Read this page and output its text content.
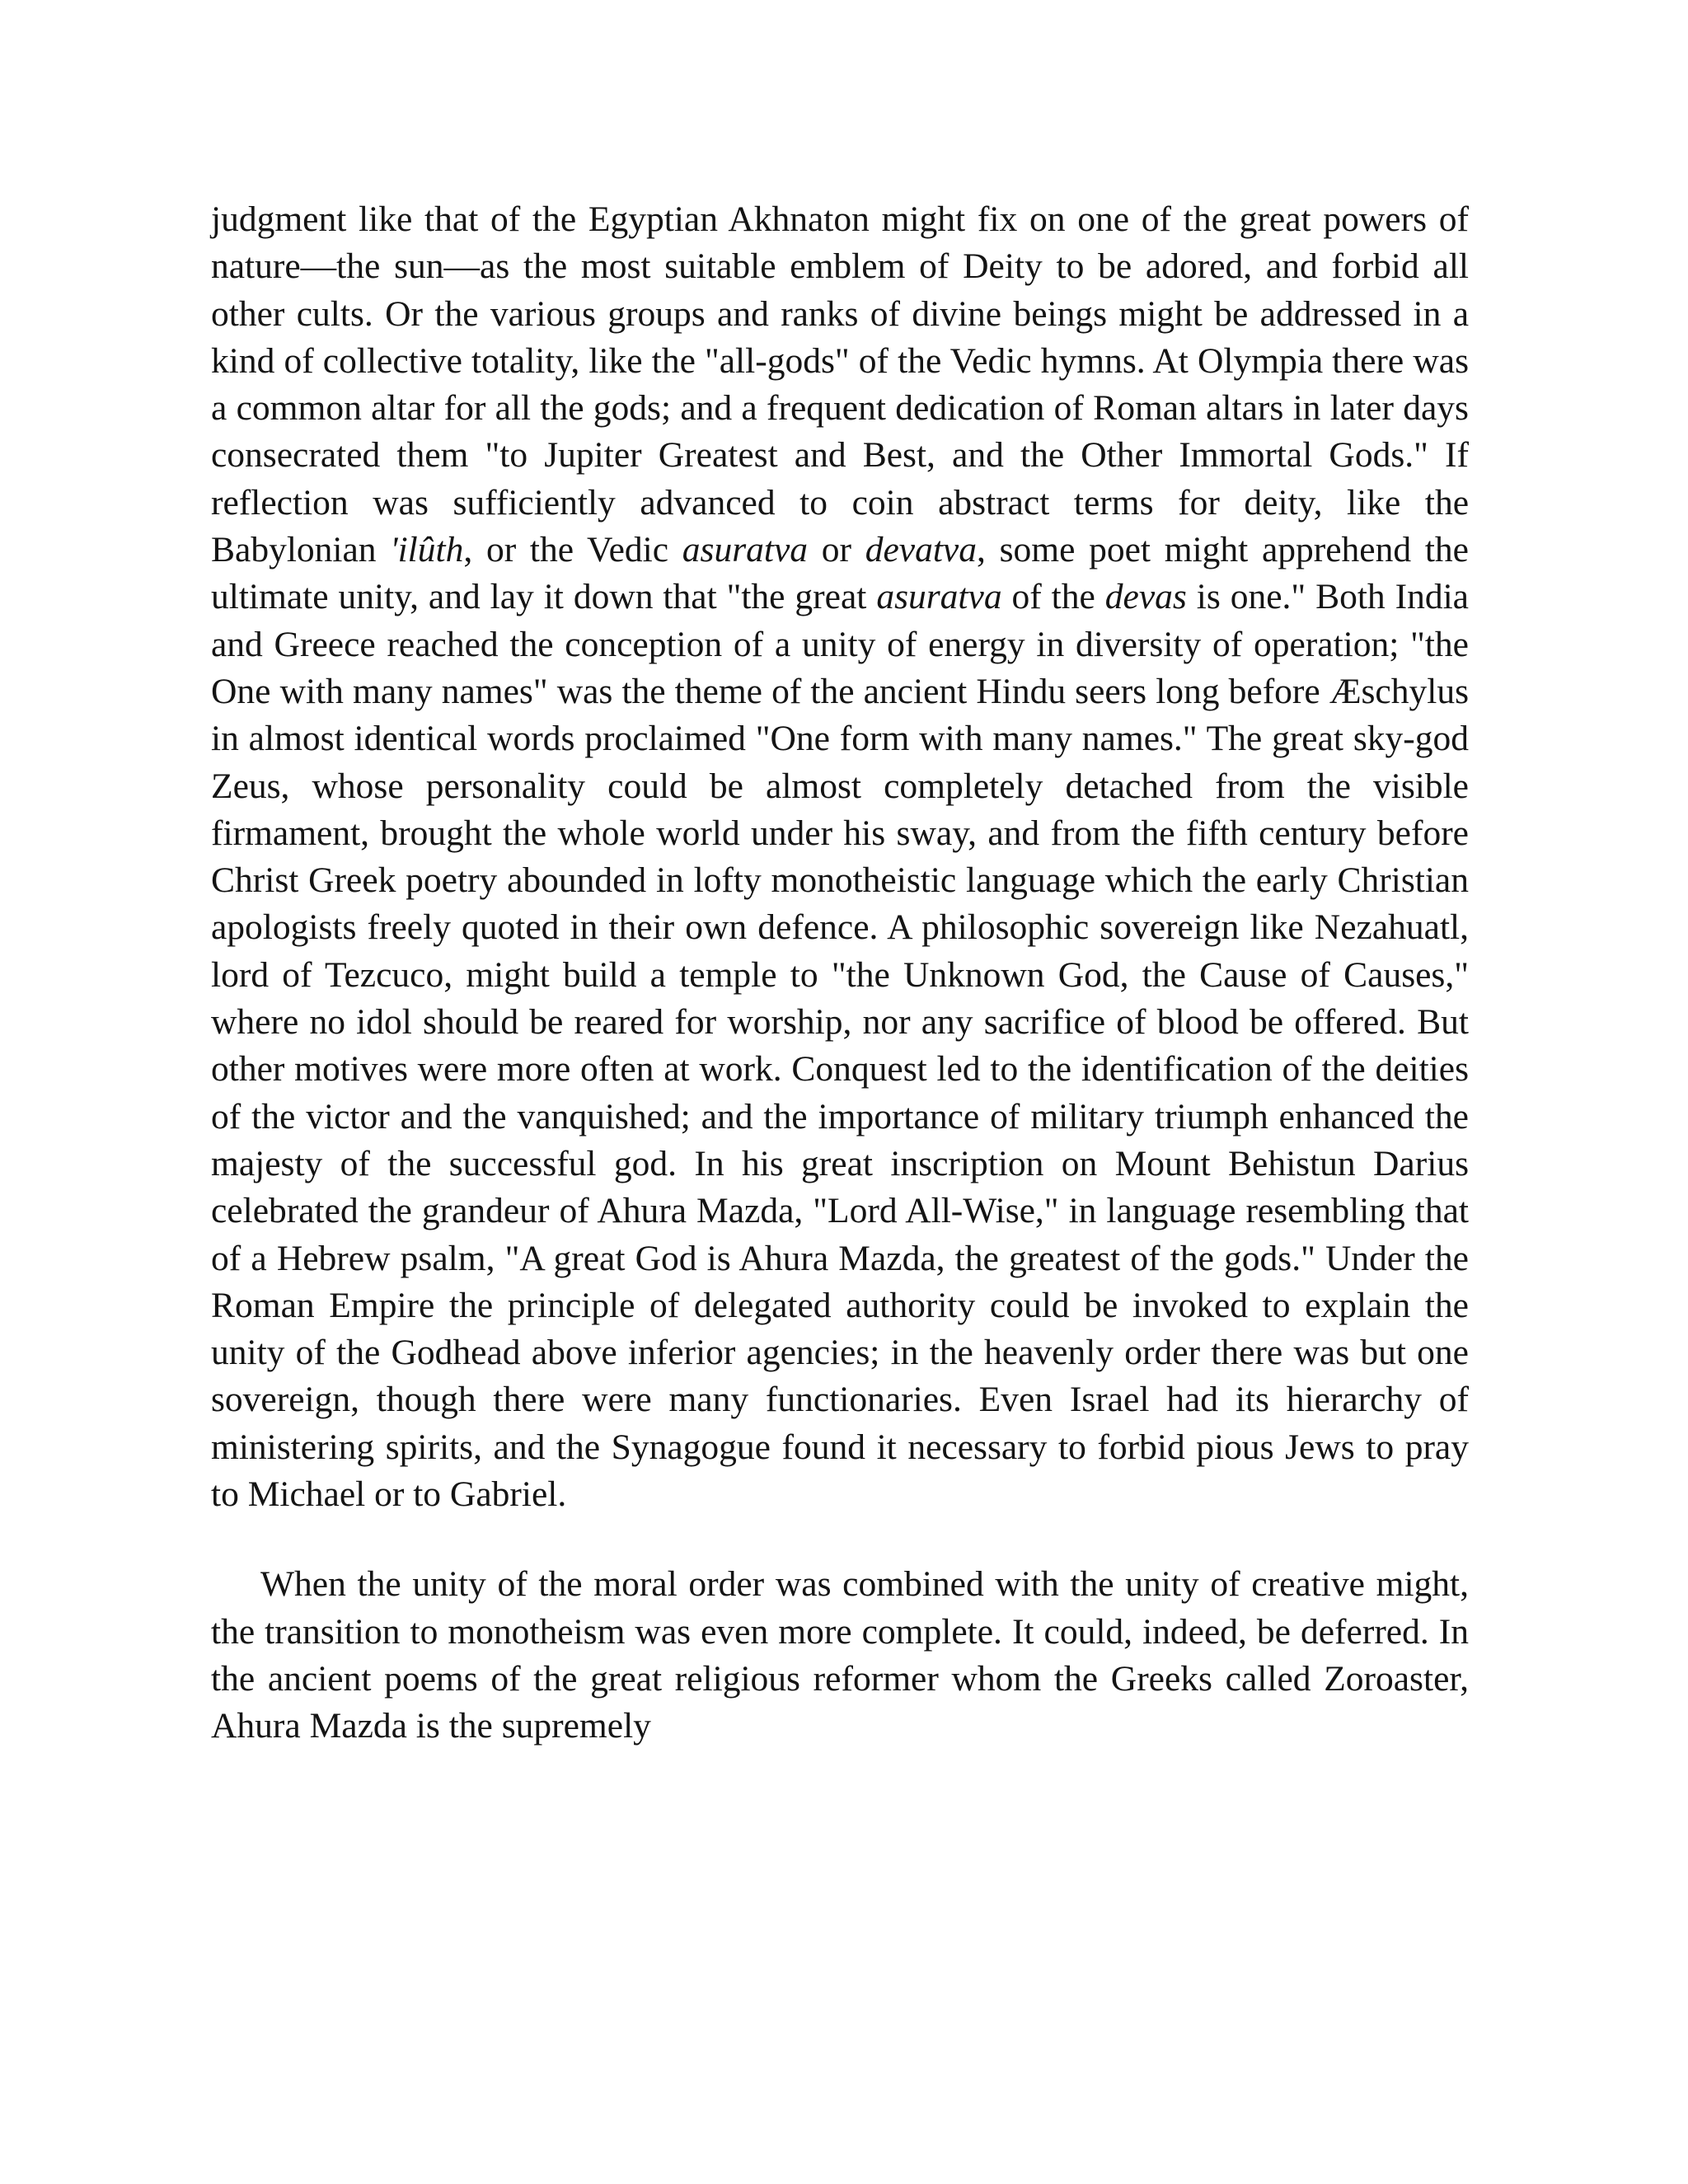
judgment like that of the Egyptian Akhnaton might fix on one of the great powers of nature—the sun—as the most suitable emblem of Deity to be adored, and forbid all other cults. Or the various groups and ranks of divine beings might be addressed in a kind of collective totality, like the "all-gods" of the Vedic hymns. At Olympia there was a common altar for all the gods; and a frequent dedication of Roman altars in later days consecrated them "to Jupiter Greatest and Best, and the Other Immortal Gods." If reflection was sufficiently advanced to coin abstract terms for deity, like the Babylonian 'ilûth, or the Vedic asuratva or devatva, some poet might apprehend the ultimate unity, and lay it down that "the great asuratva of the devas is one." Both India and Greece reached the conception of a unity of energy in diversity of operation; "the One with many names" was the theme of the ancient Hindu seers long before Æschylus in almost identical words proclaimed "One form with many names." The great sky-god Zeus, whose personality could be almost completely detached from the visible firmament, brought the whole world under his sway, and from the fifth century before Christ Greek poetry abounded in lofty monotheistic language which the early Christian apologists freely quoted in their own defence. A philosophic sovereign like Nezahuatl, lord of Tezcuco, might build a temple to "the Unknown God, the Cause of Causes," where no idol should be reared for worship, nor any sacrifice of blood be offered. But other motives were more often at work. Conquest led to the identification of the deities of the victor and the vanquished; and the importance of military triumph enhanced the majesty of the successful god. In his great inscription on Mount Behistun Darius celebrated the grandeur of Ahura Mazda, "Lord All-Wise," in language resembling that of a Hebrew psalm, "A great God is Ahura Mazda, the greatest of the gods." Under the Roman Empire the principle of delegated authority could be invoked to explain the unity of the Godhead above inferior agencies; in the heavenly order there was but one sovereign, though there were many functionaries. Even Israel had its hierarchy of ministering spirits, and the Synagogue found it necessary to forbid pious Jews to pray to Michael or to Gabriel.

When the unity of the moral order was combined with the unity of creative might, the transition to monotheism was even more complete. It could, indeed, be deferred. In the ancient poems of the great religious reformer whom the Greeks called Zoroaster, Ahura Mazda is the supremely
